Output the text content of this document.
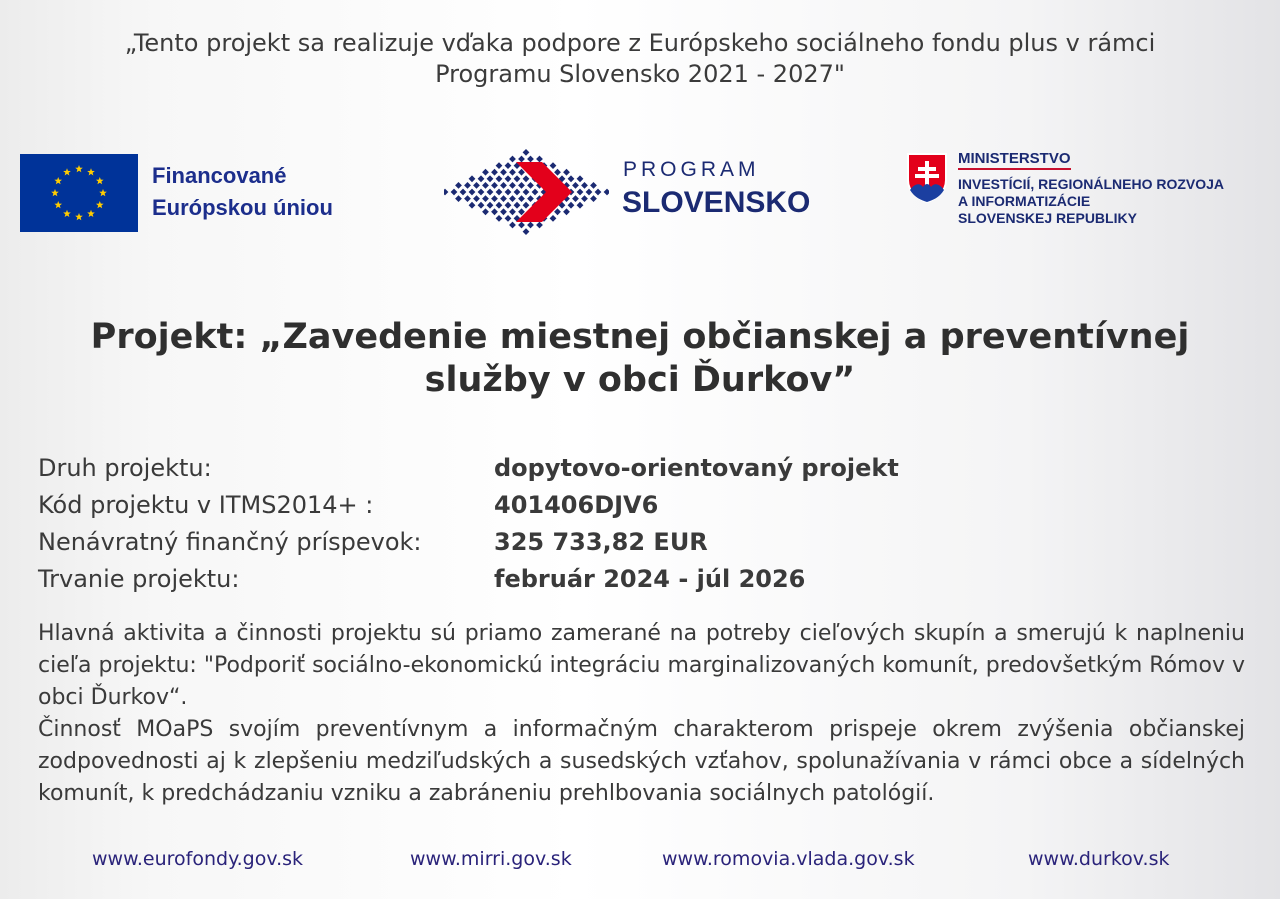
„Tento projekt sa realizuje vďaka podpore z Európskeho sociálneho fondu plus v rámci
Programu Slovensko 2021 - 2027"
Financované
Európskou úniou
PROGRAM
SLOVENSKO
MINISTERSTVO
INVESTÍCIÍ, REGIONÁLNEHO ROZVOJA
A INFORMATIZÁCIE
SLOVENSKEJ REPUBLIKY
Projekt: „Zavedenie miestnej občianskej a preventívnej
služby v obci Ďurkov”
Druh projektu:	dopytovo-orientovaný projekt
Kód projektu v ITMS2014+ :	401406DJV6
Nenávratný finančný príspevok:	325 733,82 EUR
Trvanie projektu:	február 2024 - júl 2026

Hlavná aktivita a činnosti projektu sú priamo zamerané na potreby cieľových skupín a smerujú k naplneniu cieľa projektu: "Podporiť sociálno-ekonomickú integráciu marginalizovaných komunít, predovšetkým Rómov v obci Ďurkov“.

Činnosť MOaPS svojím preventívnym a informačným charakterom prispeje okrem zvýšenia občianskej zodpovednosti aj k zlepšeniu medziľudských a susedských vzťahov, spolunažívania v rámci obce a sídelných komunít, k predchádzaniu vzniku a zabráneniu prehlbovania sociálnych patológií.

www.eurofondy.gov.sk	www.mirri.gov.sk	www.romovia.vlada.gov.sk	www.durkov.sk
